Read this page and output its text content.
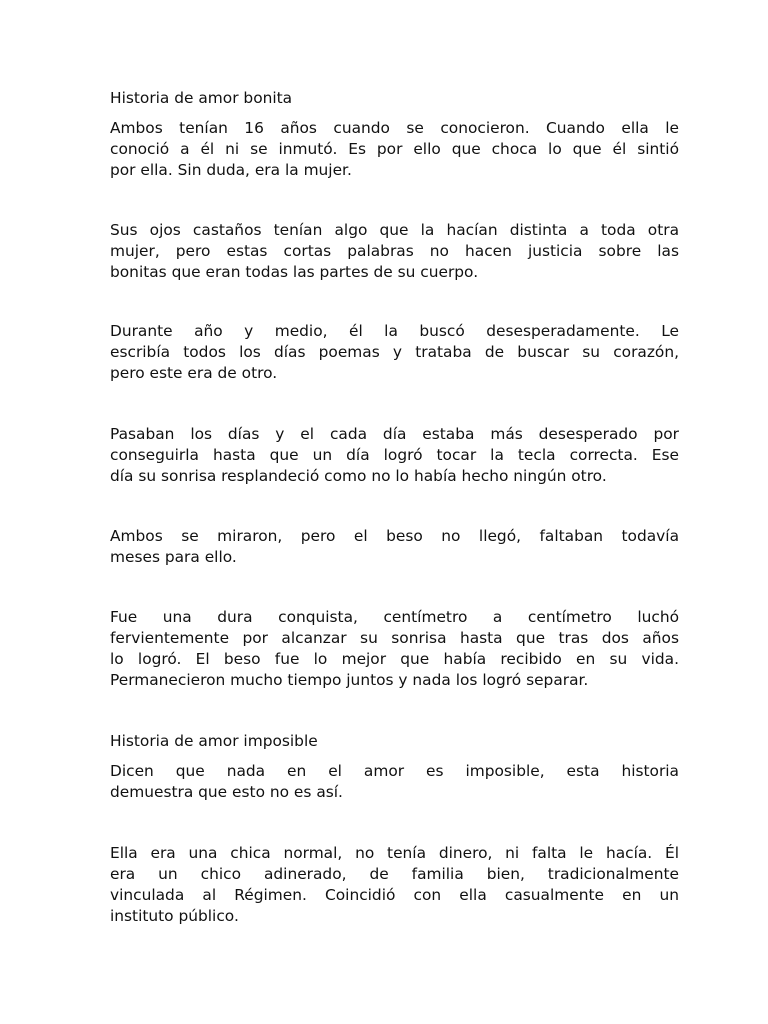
Historia de amor bonita

Ambos tenían 16 años cuando se conocieron. Cuando ella le
conoció a él ni se inmutó. Es por ello que choca lo que él sintió
por ella. Sin duda, era la mujer.

Sus ojos castaños tenían algo que la hacían distinta a toda otra
mujer, pero estas cortas palabras no hacen justicia sobre las
bonitas que eran todas las partes de su cuerpo.

Durante año y medio, él la buscó desesperadamente. Le
escribía todos los días poemas y trataba de buscar su corazón,
pero este era de otro.

Pasaban los días y el cada día estaba más desesperado por
conseguirla hasta que un día logró tocar la tecla correcta. Ese
día su sonrisa resplandeció como no lo había hecho ningún otro.

Ambos se miraron, pero el beso no llegó, faltaban todavía
meses para ello.

Fue una dura conquista, centímetro a centímetro luchó
fervientemente por alcanzar su sonrisa hasta que tras dos años
lo logró. El beso fue lo mejor que había recibido en su vida.
Permanecieron mucho tiempo juntos y nada los logró separar.

Historia de amor imposible

Dicen que nada en el amor es imposible, esta historia
demuestra que esto no es así.

Ella era una chica normal, no tenía dinero, ni falta le hacía. Él
era un chico adinerado, de familia bien, tradicionalmente
vinculada al Régimen. Coincidió con ella casualmente en un
instituto público.
